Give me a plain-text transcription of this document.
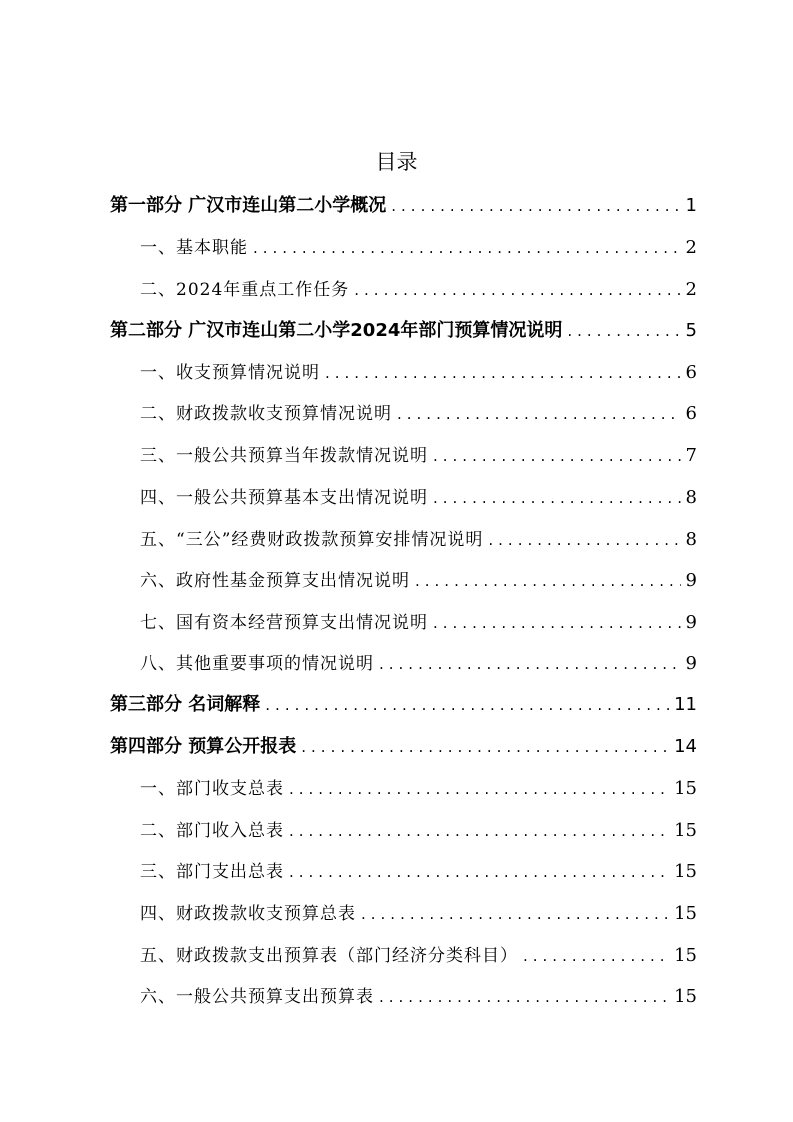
目录
第一部分 广汉市连山第二小学概况 .....	1
一、基本职能 .....	2
二、2024年重点工作任务 .....	2
第二部分 广汉市连山第二小学2024年部门预算情况说明 .....	5
一、收支预算情况说明 .....	6
二、财政拨款收支预算情况说明 .....	6
三、一般公共预算当年拨款情况说明 .....	7
四、一般公共预算基本支出情况说明 .....	8
五、“三公”经费财政拨款预算安排情况说明 .....	8
六、政府性基金预算支出情况说明 .....	9
七、国有资本经营预算支出情况说明 .....	9
八、其他重要事项的情况说明 .....	9
第三部分 名词解释 .....	11
第四部分 预算公开报表 .....	14
一、部门收支总表 .....	15
二、部门收入总表 .....	15
三、部门支出总表 .....	15
四、财政拨款收支预算总表 .....	15
五、财政拨款支出预算表（部门经济分类科目） .....	15
六、一般公共预算支出预算表 .....	15
